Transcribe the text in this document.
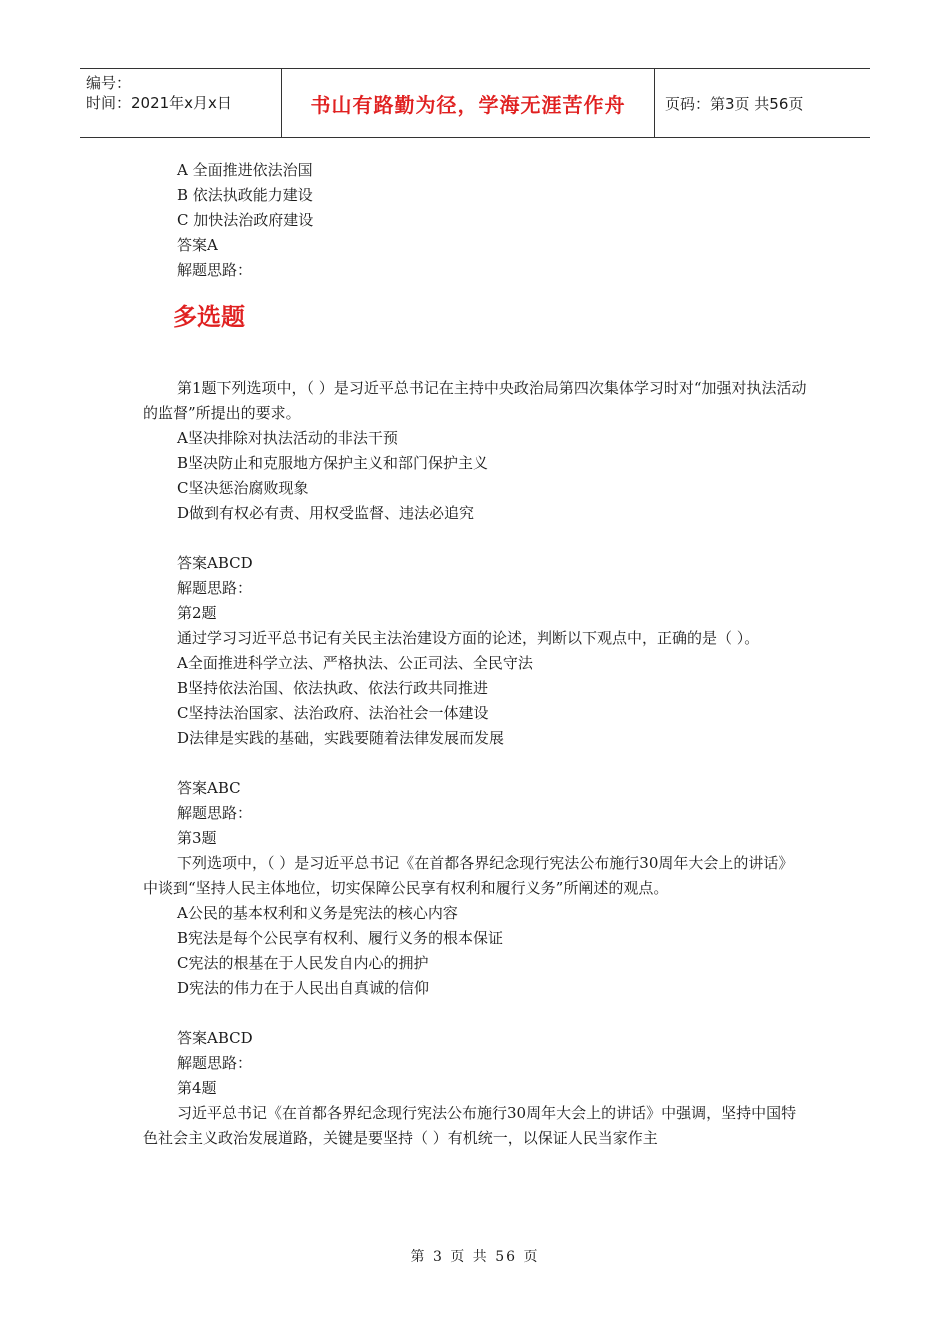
编号：
时间：2021年x月x日	书山有路勤为径，学海无涯苦作舟	页码：第3页 共56页
A 全面推进依法治国
B 依法执政能力建设
C 加快法治政府建设
答案A
解题思路：
多选题
第1题下列选项中，（ ）是习近平总书记在主持中央政治局第四次集体学习时对“加强对执法活动的监督”所提出的要求。
A坚决排除对执法活动的非法干预
B坚决防止和克服地方保护主义和部门保护主义
C坚决惩治腐败现象
D做到有权必有责、用权受监督、违法必追究
答案ABCD
解题思路：
第2题
通过学习习近平总书记有关民主法治建设方面的论述，判断以下观点中，正确的是（ ）。
A全面推进科学立法、严格执法、公正司法、全民守法
B坚持依法治国、依法执政、依法行政共同推进
C坚持法治国家、法治政府、法治社会一体建设
D法律是实践的基础，实践要随着法律发展而发展
答案ABC
解题思路：
第3题
下列选项中，（ ）是习近平总书记《在首都各界纪念现行宪法公布施行30周年大会上的讲话》中谈到“坚持人民主体地位，切实保障公民享有权利和履行义务”所阐述的观点。
A公民的基本权利和义务是宪法的核心内容
B宪法是每个公民享有权利、履行义务的根本保证
C宪法的根基在于人民发自内心的拥护
D宪法的伟力在于人民出自真诚的信仰
答案ABCD
解题思路：
第4题
习近平总书记《在首都各界纪念现行宪法公布施行30周年大会上的讲话》中强调，坚持中国特色社会主义政治发展道路，关键是要坚持（ ）有机统一，以保证人民当家作主
第 3 页 共 56 页
